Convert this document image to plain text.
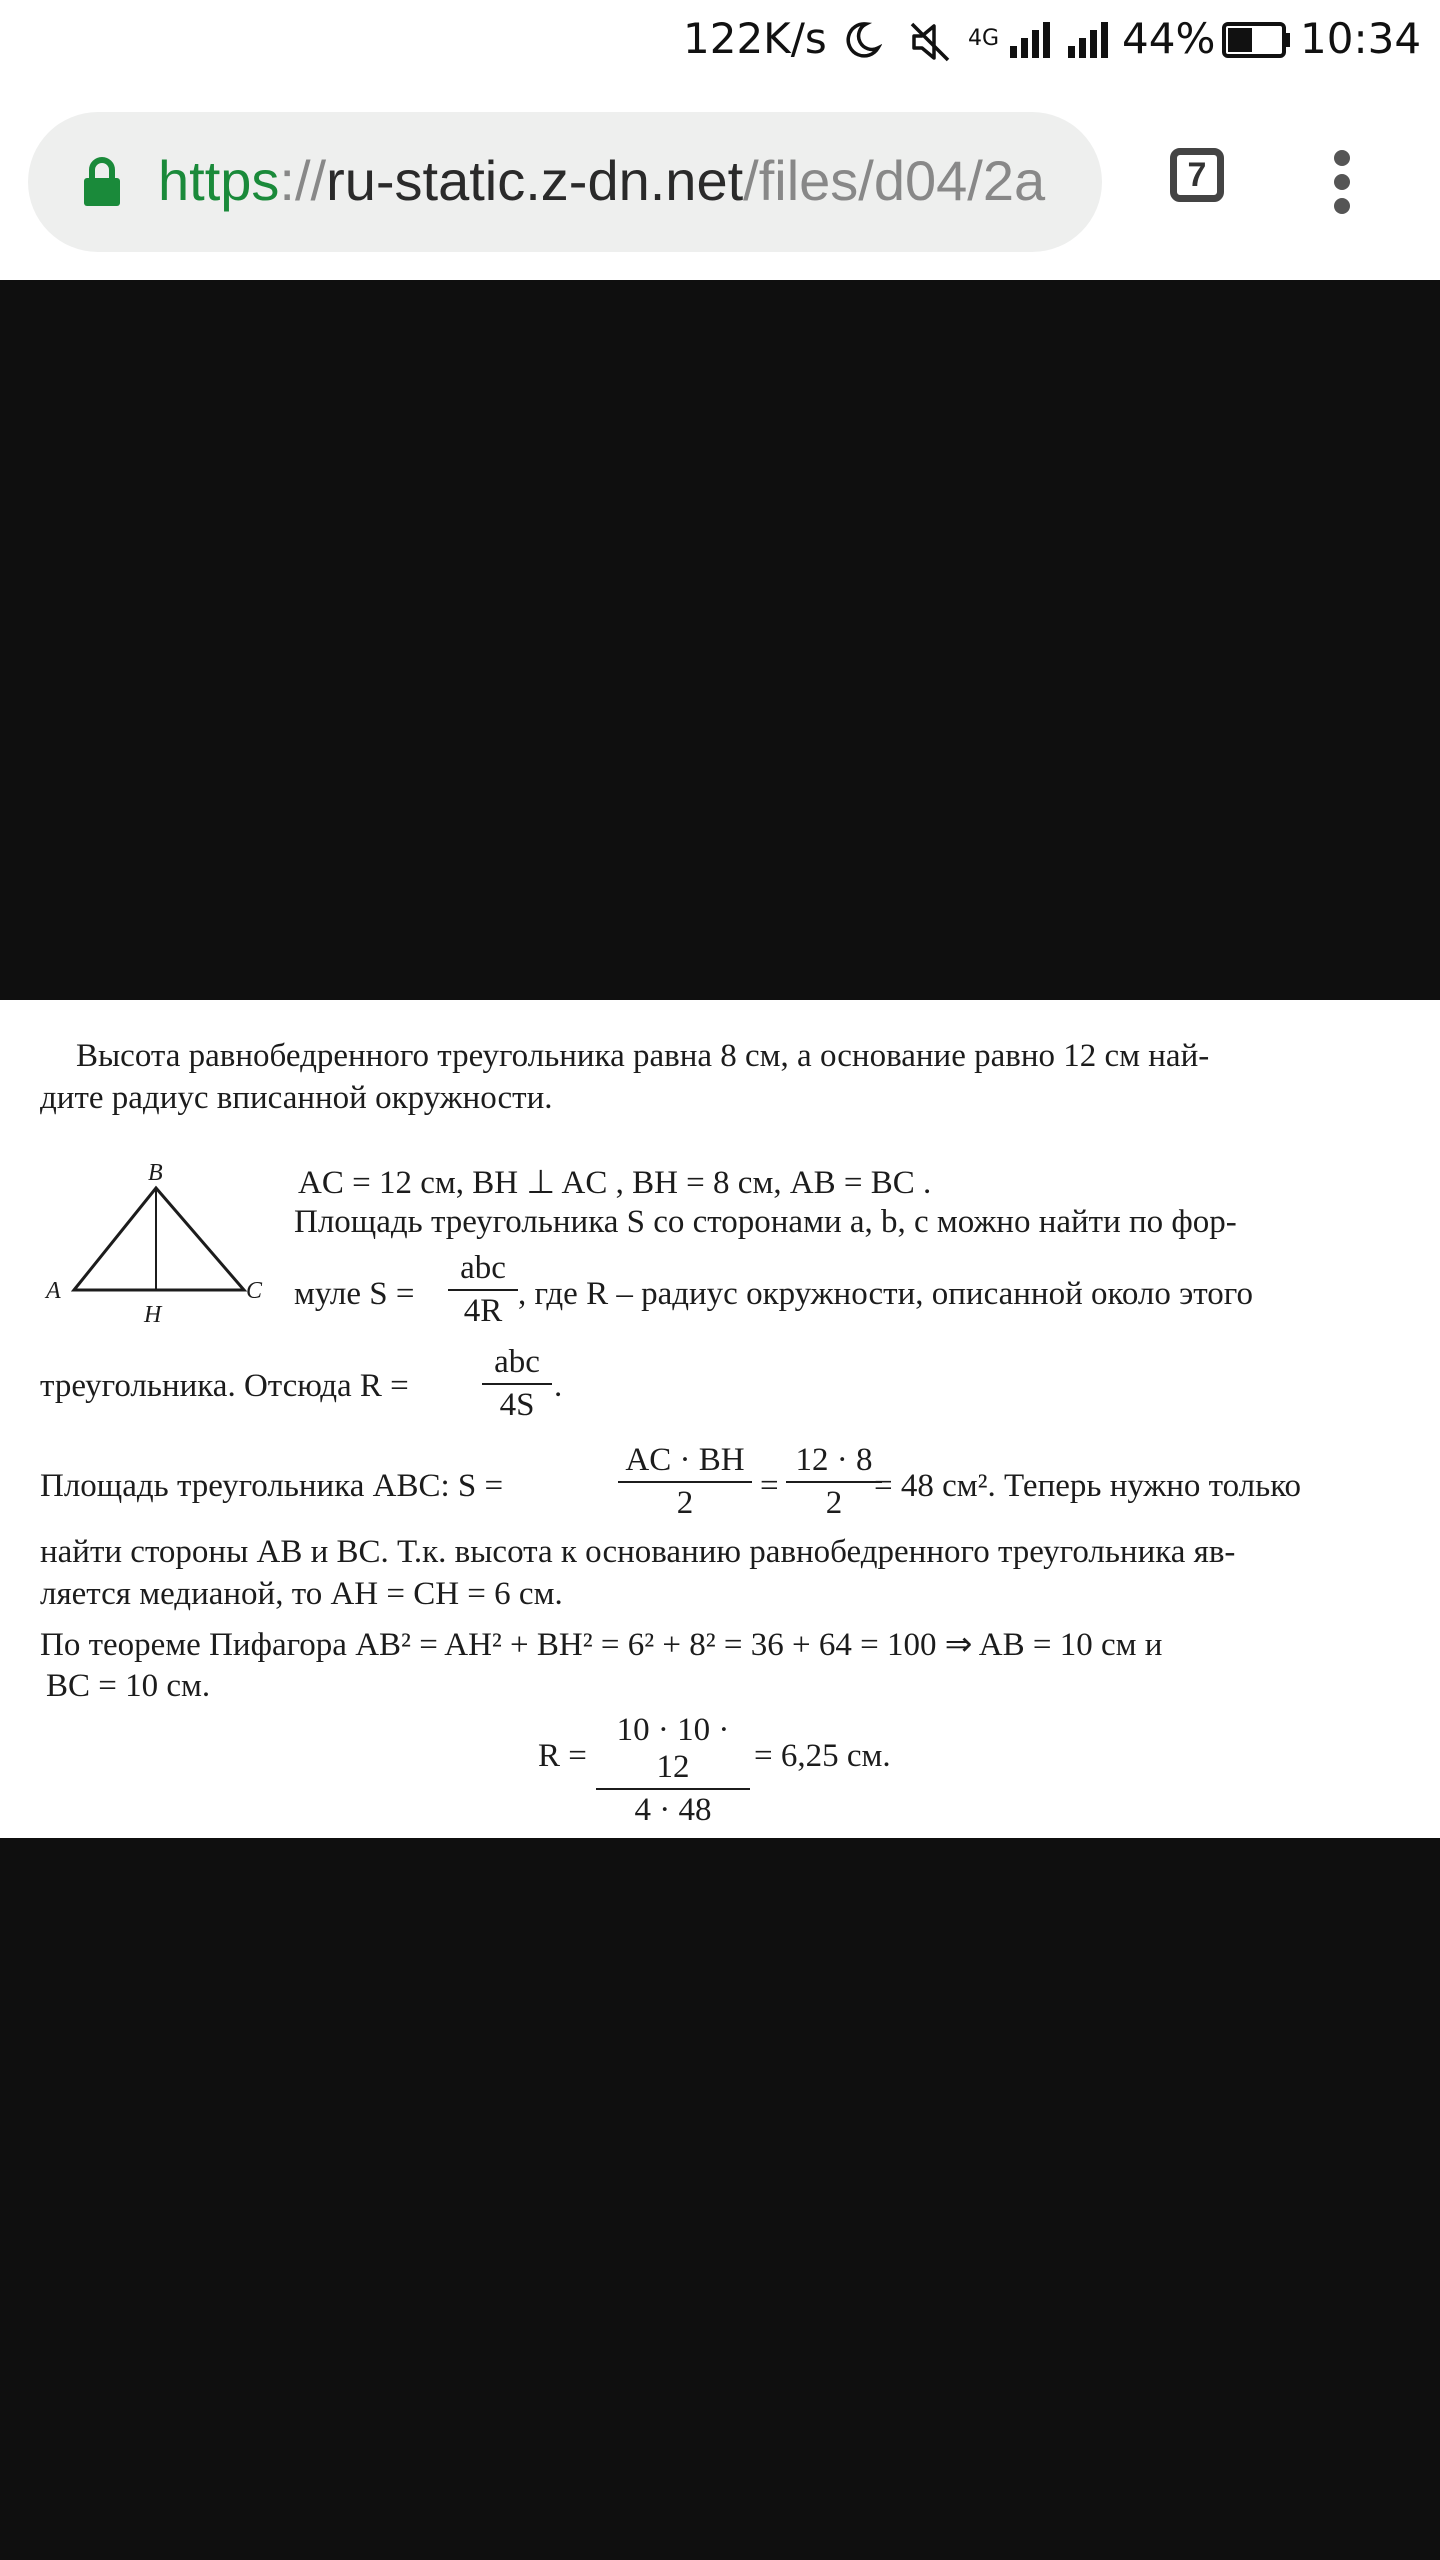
122K/s	4G	44% 10:34
https://ru-static.z-dn.net/files/d04/2a	7
Высота равнобедренного треугольника равна 8 см, а основание равно 12 см най-
дите радиус вписанной окружности.
B
A	C
H
AC = 12 см, BH ⊥ AC , BH = 8 см, AB = BC .
Площадь треугольника S со сторонами a, b, c можно найти по фор-
муле S =
abc
4R , где R – радиус окружности, описанной около этого
треугольника. Отсюда R =
abc
4S
.
Площадь треугольника ABC: S =	$\frac{AC \cdot BH}{2} = \frac{12 \cdot 8}{2}$
= 48 см². Теперь нужно только
найти стороны AB и BC. Т.к. высота к основанию равнобедренного треугольника яв-
ляется медианой, то AH = CH = 6 см.
По теореме Пифагора AB² = AH² + BH² = 6² + 8² = 36 + 64 = 100 ⇒ AB = 10 см и
BC = 10 см.
$R = \frac{10 \cdot 10 \cdot 12}{4 \cdot 48} = 6,25$ см.
